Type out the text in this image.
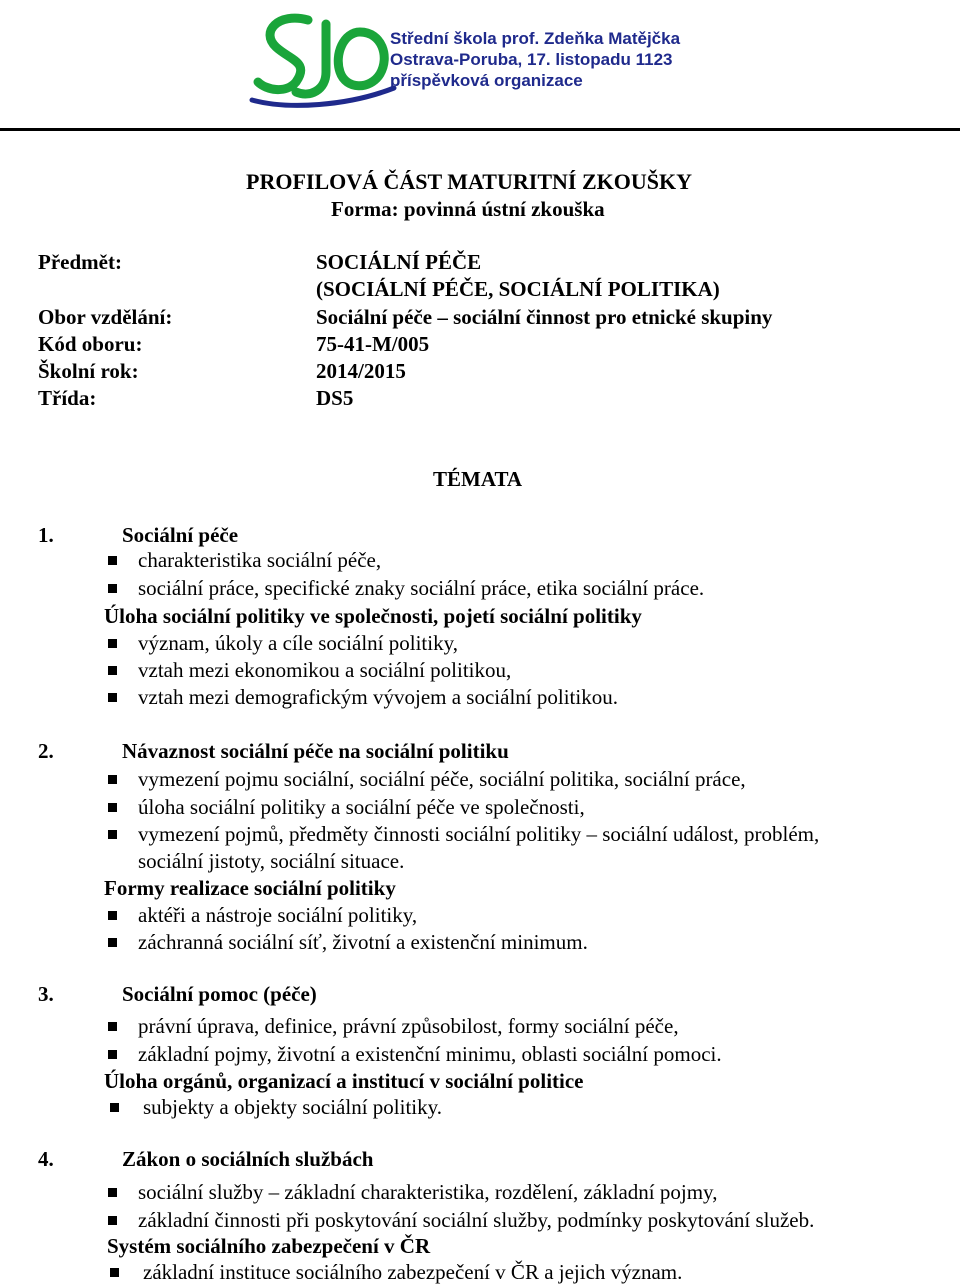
Střední škola prof. Zdeňka Matějčka
Ostrava-Poruba, 17. listopadu 1123
příspěvková organizace
PROFILOVÁ ČÁST MATURITNÍ ZKOUŠKY
Forma: povinná ústní zkouška
Předmět:	SOCIÁLNÍ PÉČE
(SOCIÁLNÍ PÉČE, SOCIÁLNÍ POLITIKA)
Obor vzdělání:	Sociální péče – sociální činnost pro etnické skupiny
Kód oboru:	75-41-M/005
Školní rok:	2014/2015
Třída:	DS5
TÉMATA
1.	Sociální péče
charakteristika sociální péče,
sociální práce, specifické znaky sociální práce, etika sociální práce.
Úloha sociální politiky ve společnosti, pojetí sociální politiky
význam, úkoly a cíle sociální politiky,
vztah mezi ekonomikou a sociální politikou,
vztah mezi demografickým vývojem a sociální politikou.
2.	Návaznost sociální péče na sociální politiku
vymezení pojmu sociální, sociální péče, sociální politika, sociální práce,
úloha sociální politiky a sociální péče ve společnosti,
vymezení pojmů, předměty činnosti sociální politiky – sociální událost, problém,
sociální jistoty, sociální situace.
Formy realizace sociální politiky
aktéři a nástroje sociální politiky,
záchranná sociální síť, životní a existenční minimum.
3.	Sociální pomoc (péče)
právní úprava, definice, právní způsobilost, formy sociální péče,
základní pojmy, životní a existenční minimu, oblasti sociální pomoci.
Úloha orgánů, organizací a institucí v sociální politice
subjekty a objekty sociální politiky.
4.	Zákon o sociálních službách
sociální služby – základní charakteristika, rozdělení, základní pojmy,
základní činnosti při poskytování sociální služby, podmínky poskytování služeb.
Systém sociálního zabezpečení v ČR
základní instituce sociálního zabezpečení v ČR a jejich význam.
